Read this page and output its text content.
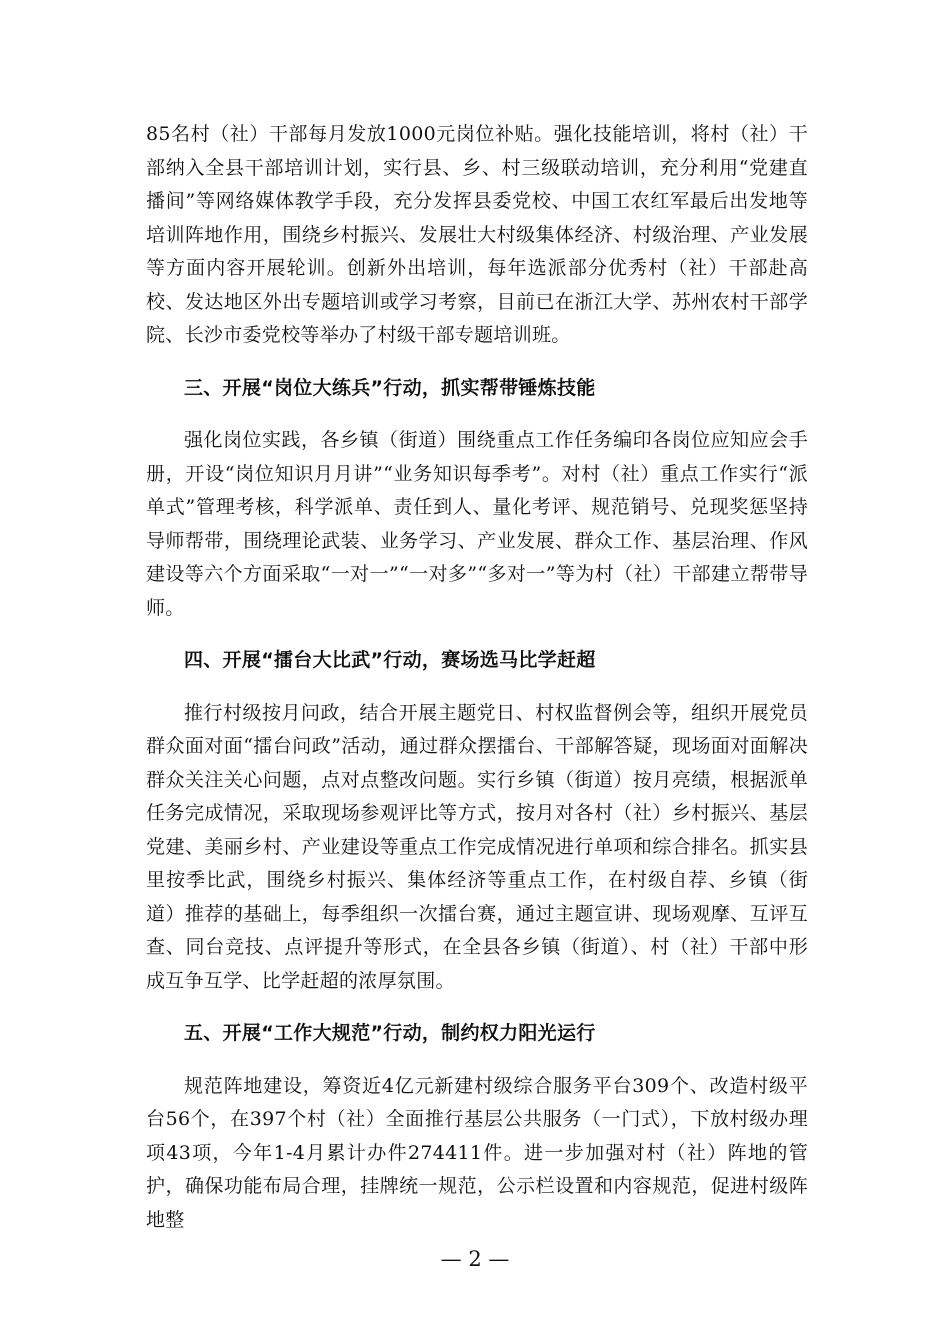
85名村（社）干部每月发放1000元岗位补贴。强化技能培训，将村（社）干部纳入全县干部培训计划，实行县、乡、村三级联动培训，充分利用“党建直播间”等网络媒体教学手段，充分发挥县委党校、中国工农红军最后出发地等培训阵地作用，围绕乡村振兴、发展壮大村级集体经济、村级治理、产业发展等方面内容开展轮训。创新外出培训，每年选派部分优秀村（社）干部赴高校、发达地区外出专题培训或学习考察，目前已在浙江大学、苏州农村干部学院、长沙市委党校等举办了村级干部专题培训班。

三、开展“岗位大练兵”行动，抓实帮带锤炼技能

强化岗位实践，各乡镇（街道）围绕重点工作任务编印各岗位应知应会手册，开设“岗位知识月月讲”“业务知识每季考”。对村（社）重点工作实行“派单式”管理考核，科学派单、责任到人、量化考评、规范销号、兑现奖惩坚持导师帮带，围绕理论武装、业务学习、产业发展、群众工作、基层治理、作风建设等六个方面采取“一对一”“一对多”“多对一”等为村（社）干部建立帮带导师。

四、开展“擂台大比武”行动，赛场选马比学赶超

推行村级按月问政，结合开展主题党日、村权监督例会等，组织开展党员群众面对面“擂台问政”活动，通过群众摆擂台、干部解答疑，现场面对面解决群众关注关心问题，点对点整改问题。实行乡镇（街道）按月亮绩，根据派单任务完成情况，采取现场参观评比等方式，按月对各村（社）乡村振兴、基层党建、美丽乡村、产业建设等重点工作完成情况进行单项和综合排名。抓实县里按季比武，围绕乡村振兴、集体经济等重点工作，在村级自荐、乡镇（街道）推荐的基础上，每季组织一次擂台赛，通过主题宣讲、现场观摩、互评互查、同台竞技、点评提升等形式，在全县各乡镇（街道）、村（社）干部中形成互争互学、比学赶超的浓厚氛围。

五、开展“工作大规范”行动，制约权力阳光运行

规范阵地建设，筹资近4亿元新建村级综合服务平台309个、改造村级平台56个，在397个村（社）全面推行基层公共服务（一门式），下放村级办理项43项，今年1-4月累计办件274411件。进一步加强对村（社）阵地的管护，确保功能布局合理，挂牌统一规范，公示栏设置和内容规范，促进村级阵地整

— 2 —
